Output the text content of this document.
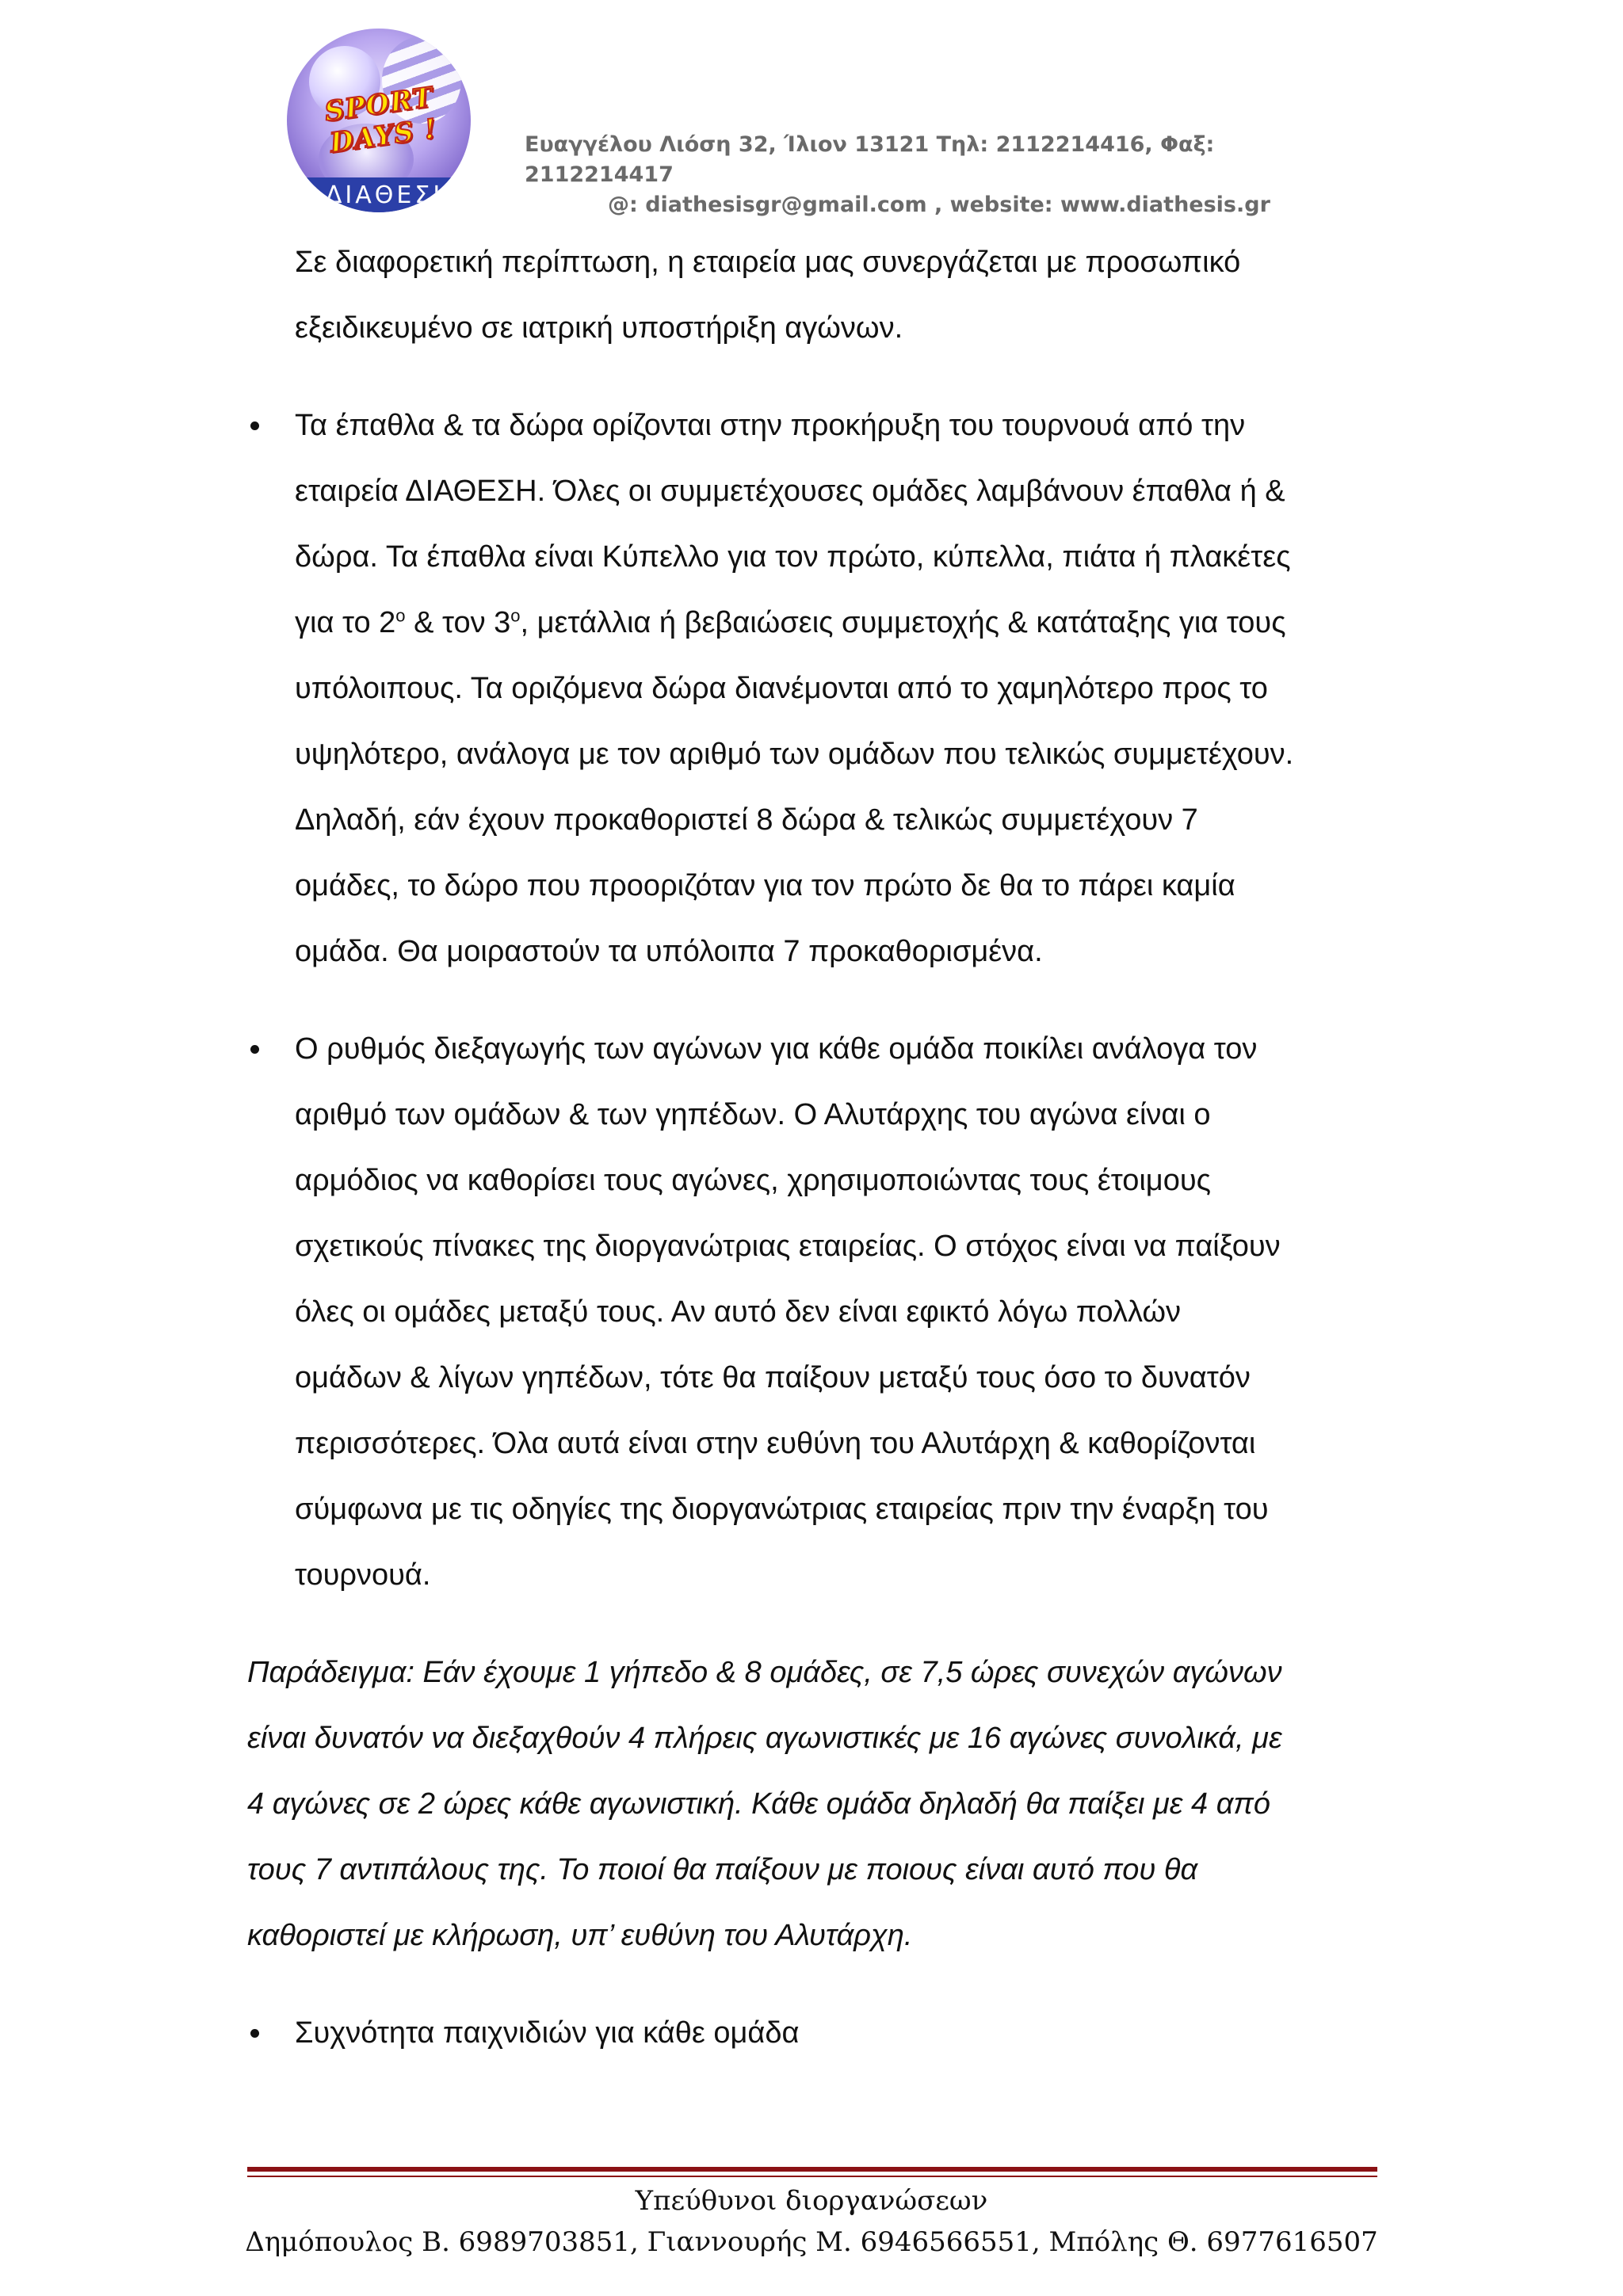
SPORT DAYS !
✹ ΔΙΑΘΕΣΗ
Ευαγγέλου Λιόση 32, Ίλιον 13121 Τηλ: 2112214416, Φαξ: 2112214417
@: diathesisgr@gmail.com , website: www.diathesis.gr
Σε διαφορετική περίπτωση, η εταιρεία μας συνεργάζεται με προσωπικό
εξειδικευμένο σε ιατρική υποστήριξη αγώνων.
Τα έπαθλα & τα δώρα ορίζονται στην προκήρυξη του τουρνουά από την
εταιρεία ΔΙΑΘΕΣΗ. Όλες οι συμμετέχουσες ομάδες λαμβάνουν έπαθλα ή &
δώρα. Τα έπαθλα είναι Κύπελλο για τον πρώτο, κύπελλα, πιάτα ή πλακέτες
για το $2^o$ & τον $3^o$, μετάλλια ή βεβαιώσεις συμμετοχής & κατάταξης για τους
υπόλοιπους. Τα οριζόμενα δώρα διανέμονται από το χαμηλότερο προς το
υψηλότερο, ανάλογα με τον αριθμό των ομάδων που τελικώς συμμετέχουν.
Δηλαδή, εάν έχουν προκαθοριστεί 8 δώρα & τελικώς συμμετέχουν 7
ομάδες, το δώρο που προοριζόταν για τον πρώτο δε θα το πάρει καμία
ομάδα. Θα μοιραστούν τα υπόλοιπα 7 προκαθορισμένα.
Ο ρυθμός διεξαγωγής των αγώνων για κάθε ομάδα ποικίλει ανάλογα τον
αριθμό των ομάδων & των γηπέδων. Ο Αλυτάρχης του αγώνα είναι ο
αρμόδιος να καθορίσει τους αγώνες, χρησιμοποιώντας τους έτοιμους
σχετικούς πίνακες της διοργανώτριας εταιρείας. Ο στόχος είναι να παίξουν
όλες οι ομάδες μεταξύ τους. Αν αυτό δεν είναι εφικτό λόγω πολλών
ομάδων & λίγων γηπέδων, τότε θα παίξουν μεταξύ τους όσο το δυνατόν
περισσότερες. Όλα αυτά είναι στην ευθύνη του Αλυτάρχη & καθορίζονται
σύμφωνα με τις οδηγίες της διοργανώτριας εταιρείας πριν την έναρξη του
τουρνουά.
Παράδειγμα: Εάν έχουμε 1 γήπεδο & 8 ομάδες, σε 7,5 ώρες συνεχών αγώνων
είναι δυνατόν να διεξαχθούν 4 πλήρεις αγωνιστικές με 16 αγώνες συνολικά, με
4 αγώνες σε 2 ώρες κάθε αγωνιστική. Κάθε ομάδα δηλαδή θα παίξει με 4 από
τους 7 αντιπάλους της. Το ποιοί θα παίξουν με ποιους είναι αυτό που θα
καθοριστεί με κλήρωση, υπ’ ευθύνη του Αλυτάρχη.
Συχνότητα παιχνιδιών για κάθε ομάδα
Υπεύθυνοι διοργανώσεων
Δημόπουλος Β. 6989703851, Γιαννουρής Μ. 6946566551, Μπόλης Θ. 6977616507
